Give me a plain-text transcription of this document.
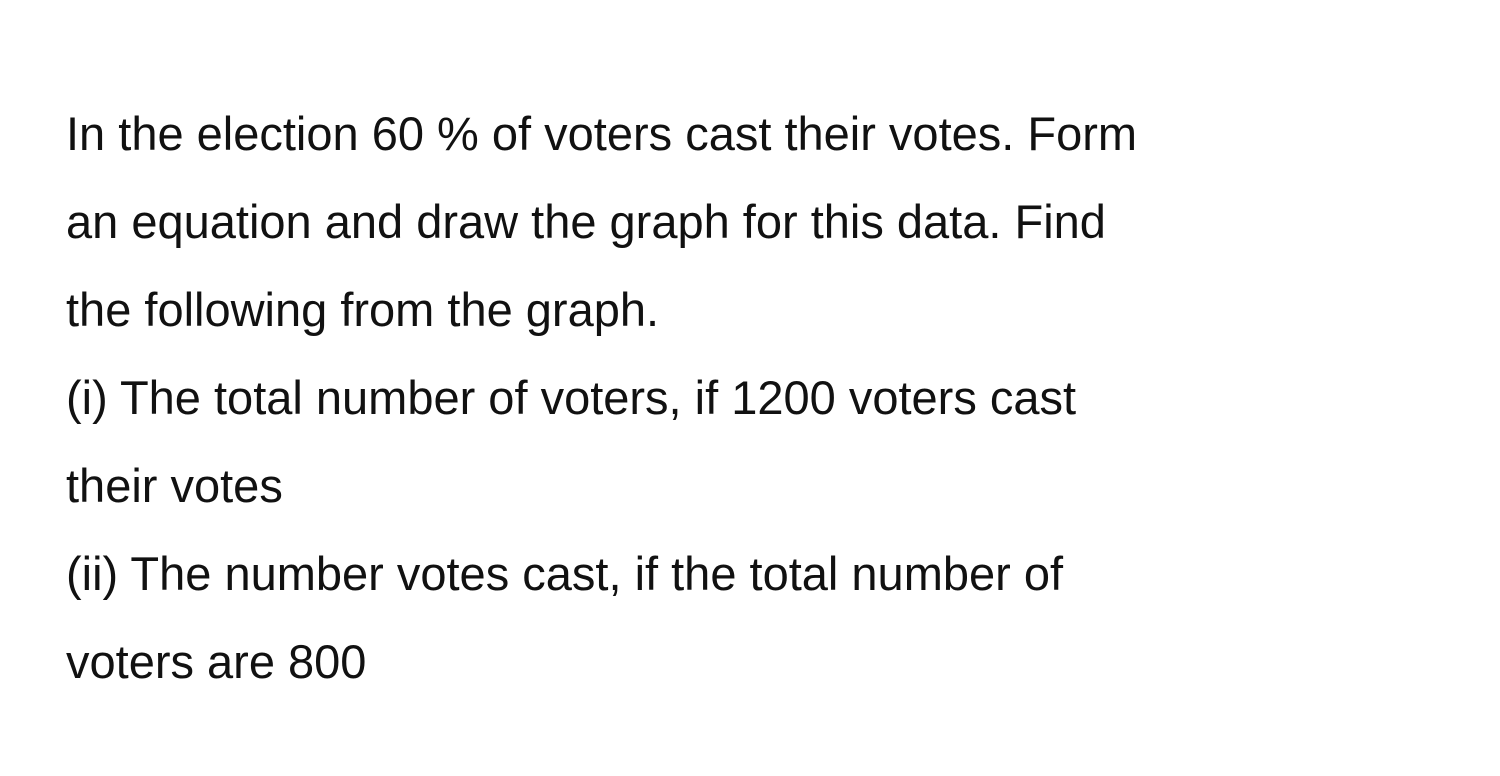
In the election 60 % of voters cast their votes. Form
an equation and draw the graph for this data. Find
the following from the graph.
(i) The total number of voters, if 1200 voters cast
their votes
(ii) The number votes cast, if the total number of
voters are 800
